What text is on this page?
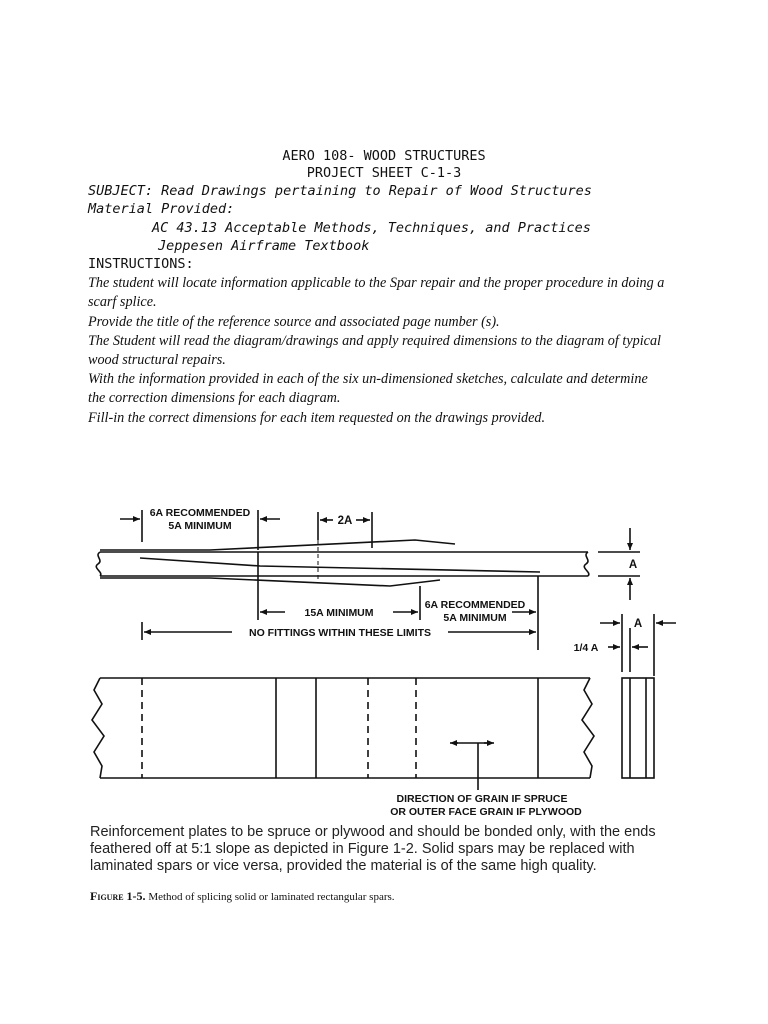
AERO 108- WOOD STRUCTURES
PROJECT SHEET C-1-3
SUBJECT: Read Drawings pertaining to Repair of Wood Structures
Material Provided:
AC 43.13 Acceptable Methods, Techniques, and Practices
Jeppesen Airframe Textbook
INSTRUCTIONS:
The student will locate information applicable to the Spar repair and the proper procedure in doing a scarf splice.
Provide the title of the reference source and associated page number (s).
The Student will read the diagram/drawings and apply required dimensions to the diagram of typical wood structural repairs.
With the information provided in each of the six un-dimensioned sketches, calculate and determine the correction dimensions for each diagram.
Fill-in the correct dimensions for each item requested on the drawings provided.
6A RECOMMENDED
5A MINIMUM	2A
A
15A MINIMUM
6A RECOMMENDED
5A MINIMUM
NO FITTINGS WITHIN THESE LIMITS
A
1/4 A
DIRECTION OF GRAIN IF SPRUCE
OR OUTER FACE GRAIN IF PLYWOOD
Reinforcement plates to be spruce or plywood and should be bonded only, with the ends feathered off at 5:1 slope as depicted in Figure 1-2. Solid spars may be replaced with laminated spars or vice versa, provided the material is of the same high quality.
Figure 1-5. Method of splicing solid or laminated rectangular spars.
